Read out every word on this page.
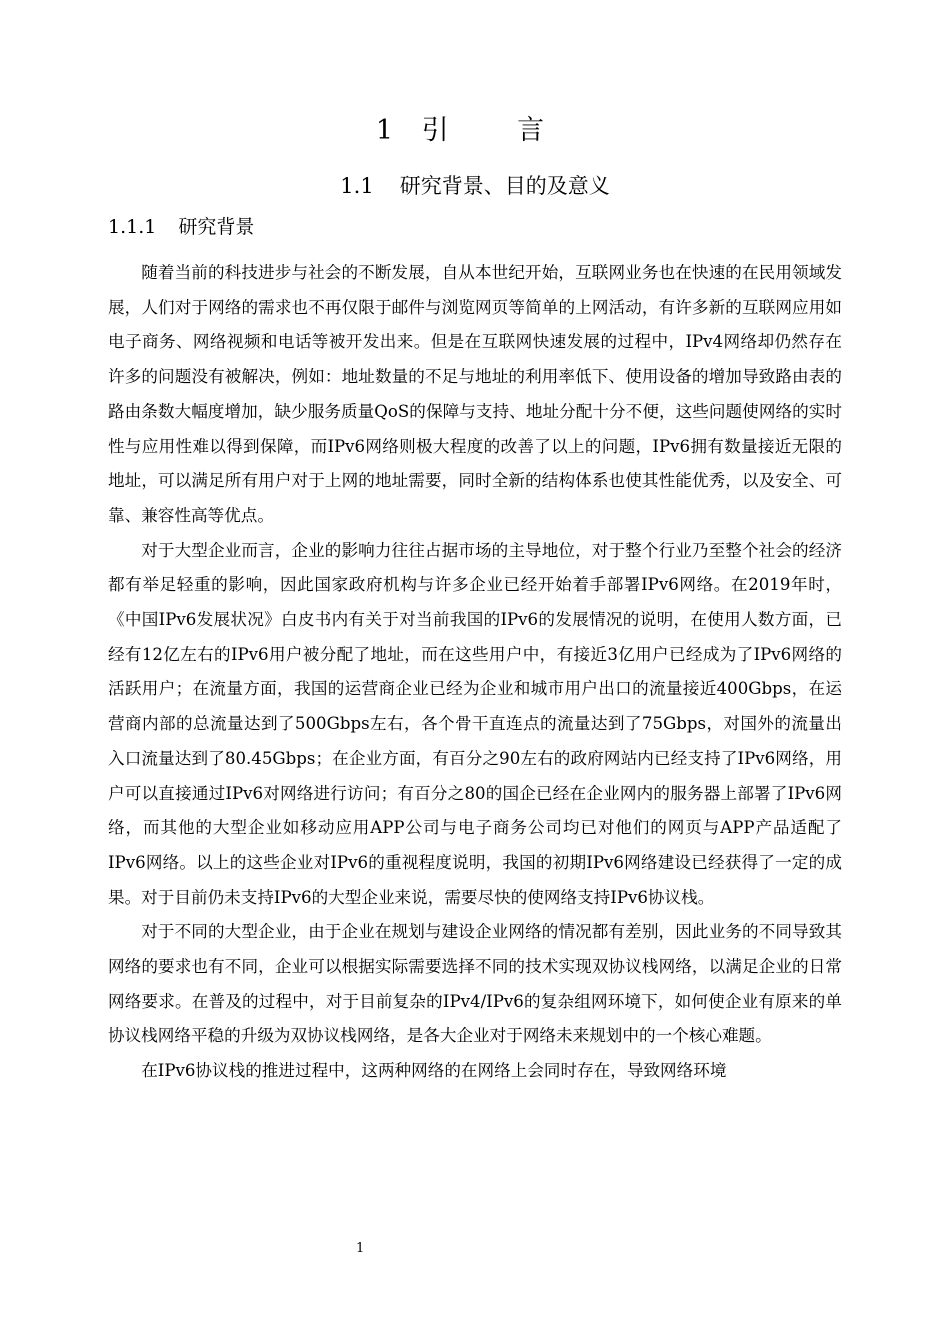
1 引 言
1.1 研究背景、目的及意义
1.1.1 研究背景

随着当前的科技进步与社会的不断发展，自从本世纪开始，互联网业务也在快速的在民用领域发展，人们对于网络的需求也不再仅限于邮件与浏览网页等简单的上网活动，有许多新的互联网应用如电子商务、网络视频和电话等被开发出来。但是在互联网快速发展的过程中，IPv4网络却仍然存在许多的问题没有被解决，例如：地址数量的不足与地址的利用率低下、使用设备的增加导致路由表的路由条数大幅度增加，缺少服务质量QoS的保障与支持、地址分配十分不便，这些问题使网络的实时性与应用性难以得到保障，而IPv6网络则极大程度的改善了以上的问题，IPv6拥有数量接近无限的地址，可以满足所有用户对于上网的地址需要，同时全新的结构体系也使其性能优秀，以及安全、可靠、兼容性高等优点。

对于大型企业而言，企业的影响力往往占据市场的主导地位，对于整个行业乃至整个社会的经济都有举足轻重的影响，因此国家政府机构与许多企业已经开始着手部署IPv6网络。在2019年时，《中国IPv6发展状况》白皮书内有关于对当前我国的IPv6的发展情况的说明，在使用人数方面，已经有12亿左右的IPv6用户被分配了地址，而在这些用户中，有接近3亿用户已经成为了IPv6网络的活跃用户；在流量方面，我国的运营商企业已经为企业和城市用户出口的流量接近400Gbps，在运营商内部的总流量达到了500Gbps左右，各个骨干直连点的流量达到了75Gbps，对国外的流量出入口流量达到了80.45Gbps；在企业方面，有百分之90左右的政府网站内已经支持了IPv6网络，用户可以直接通过IPv6对网络进行访问；有百分之80的国企已经在企业网内的服务器上部署了IPv6网络，而其他的大型企业如移动应用APP公司与电子商务公司均已对他们的网页与APP产品适配了IPv6网络。以上的这些企业对IPv6的重视程度说明，我国的初期IPv6网络建设已经获得了一定的成果。对于目前仍未支持IPv6的大型企业来说，需要尽快的使网络支持IPv6协议栈。

对于不同的大型企业，由于企业在规划与建设企业网络的情况都有差别，因此业务的不同导致其网络的要求也有不同，企业可以根据实际需要选择不同的技术实现双协议栈网络，以满足企业的日常网络要求。在普及的过程中，对于目前复杂的IPv4/IPv6的复杂组网环境下，如何使企业有原来的单协议栈网络平稳的升级为双协议栈网络，是各大企业对于网络未来规划中的一个核心难题。

在IPv6协议栈的推进过程中，这两种网络的在网络上会同时存在，导致网络环境

1
